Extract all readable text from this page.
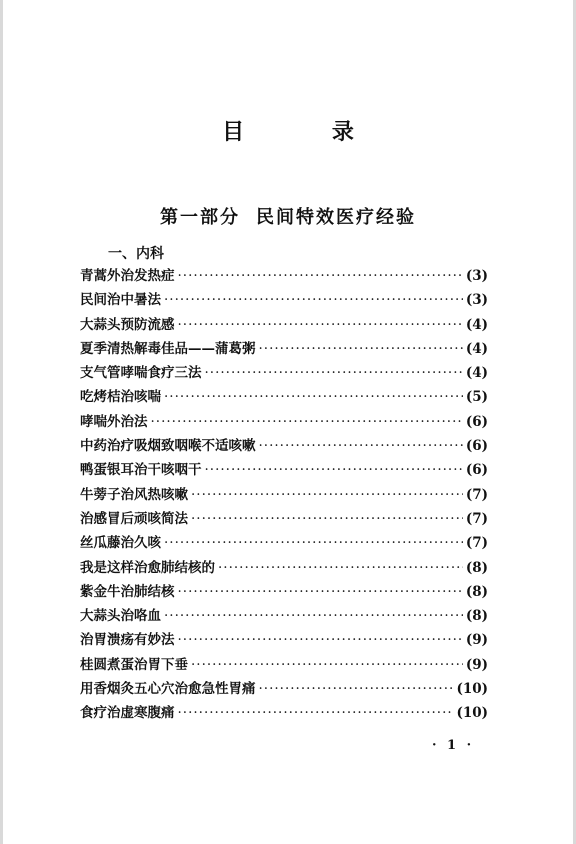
目 录
第一部分 民间特效医疗经验
一、内科
青蒿外治发热症 ·····	(3)
民间治中暑法 ·····	(3)
大蒜头预防流感 ·····	(4)
夏季清热解毒佳品——蒲葛粥 ·····	(4)
支气管哮喘食疗三法 ·····	(4)
吃烤桔治咳喘 ·····	(5)
哮喘外治法 ·····	(6)
中药治疗吸烟致咽喉不适咳嗽 ·····	(6)
鸭蛋银耳治干咳咽干 ·····	(6)
牛蒡子治风热咳嗽 ·····	(7)
治感冒后顽咳简法 ·····	(7)
丝瓜藤治久咳 ·····	(7)
我是这样治愈肺结核的 ·····	(8)
紫金牛治肺结核 ·····	(8)
大蒜头治咯血 ·····	(8)
治胃溃疡有妙法 ·····	(9)
桂圆煮蛋治胃下垂 ·····	(9)
用香烟灸五心穴治愈急性胃痛 ·····	(10)
食疗治虚寒腹痛 ·····	(10)
· 1 ·
